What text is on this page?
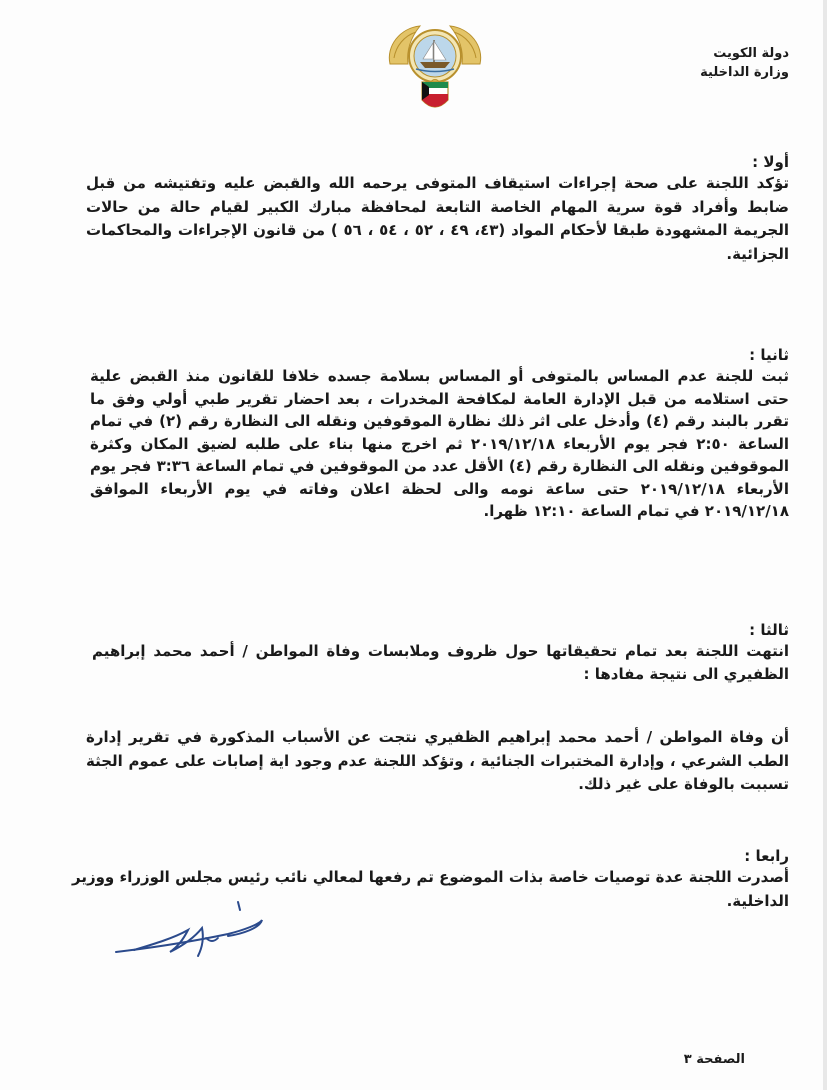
دولة الكويت
وزارة الداخلية
أولا :
تؤكد اللجنة على صحة إجراءات استيقاف المتوفى يرحمه الله والقبض عليه وتفتيشه من قبل ضابط وأفراد قوة سرية المهام الخاصة التابعة لمحافظة مبارك الكبير لقيام حالة من حالات الجريمة المشهودة طبقا لأحكام المواد (٤٣، ٤٩ ، ٥٢ ، ٥٤ ، ٥٦ ) من قانون الإجراءات والمحاكمات الجزائية.
ثانيا :
ثبت للجنة عدم المساس بالمتوفى أو المساس بسلامة جسده خلافا للقانون منذ القبض علية حتى استلامه من قبل الإدارة العامة لمكافحة المخدرات ، بعد احضار تقرير طبي أولي وفق ما تقرر بالبند رقم (٤) وأدخل على اثر ذلك نظارة الموقوفين ونقله الى النظارة رقم (٢) في تمام الساعة ٢:٥٠ فجر يوم الأربعاء ٢٠١٩/١٢/١٨ ثم اخرج منها بناء على طلبه لضيق المكان وكثرة الموقوفين ونقله الى النظارة رقم (٤) الأقل عدد من الموقوفين في تمام الساعة ٣:٣٦ فجر يوم الأربعاء ٢٠١٩/١٢/١٨ حتى ساعة نومه والى لحظة اعلان وفاته في يوم الأربعاء الموافق ٢٠١٩/١٢/١٨ في تمام الساعة ١٢:١٠ ظهرا.
ثالثا :
انتهت اللجنة بعد تمام تحقيقاتها حول ظروف وملابسات وفاة المواطن / أحمد محمد إبراهيم الظفيري الى نتيجة مفادها :
أن وفاة المواطن / أحمد محمد إبراهيم الظفيري نتجت عن الأسباب المذكورة في تقرير إدارة الطب الشرعي ، وإدارة المختبرات الجنائية ، وتؤكد اللجنة عدم وجود اية إصابات على عموم الجثة تسببت بالوفاة على غير ذلك.
رابعا :
أصدرت اللجنة عدة توصيات خاصة بذات الموضوع تم رفعها لمعالي نائب رئيس مجلس الوزراء ووزير الداخلية.
الصفحة ٣
